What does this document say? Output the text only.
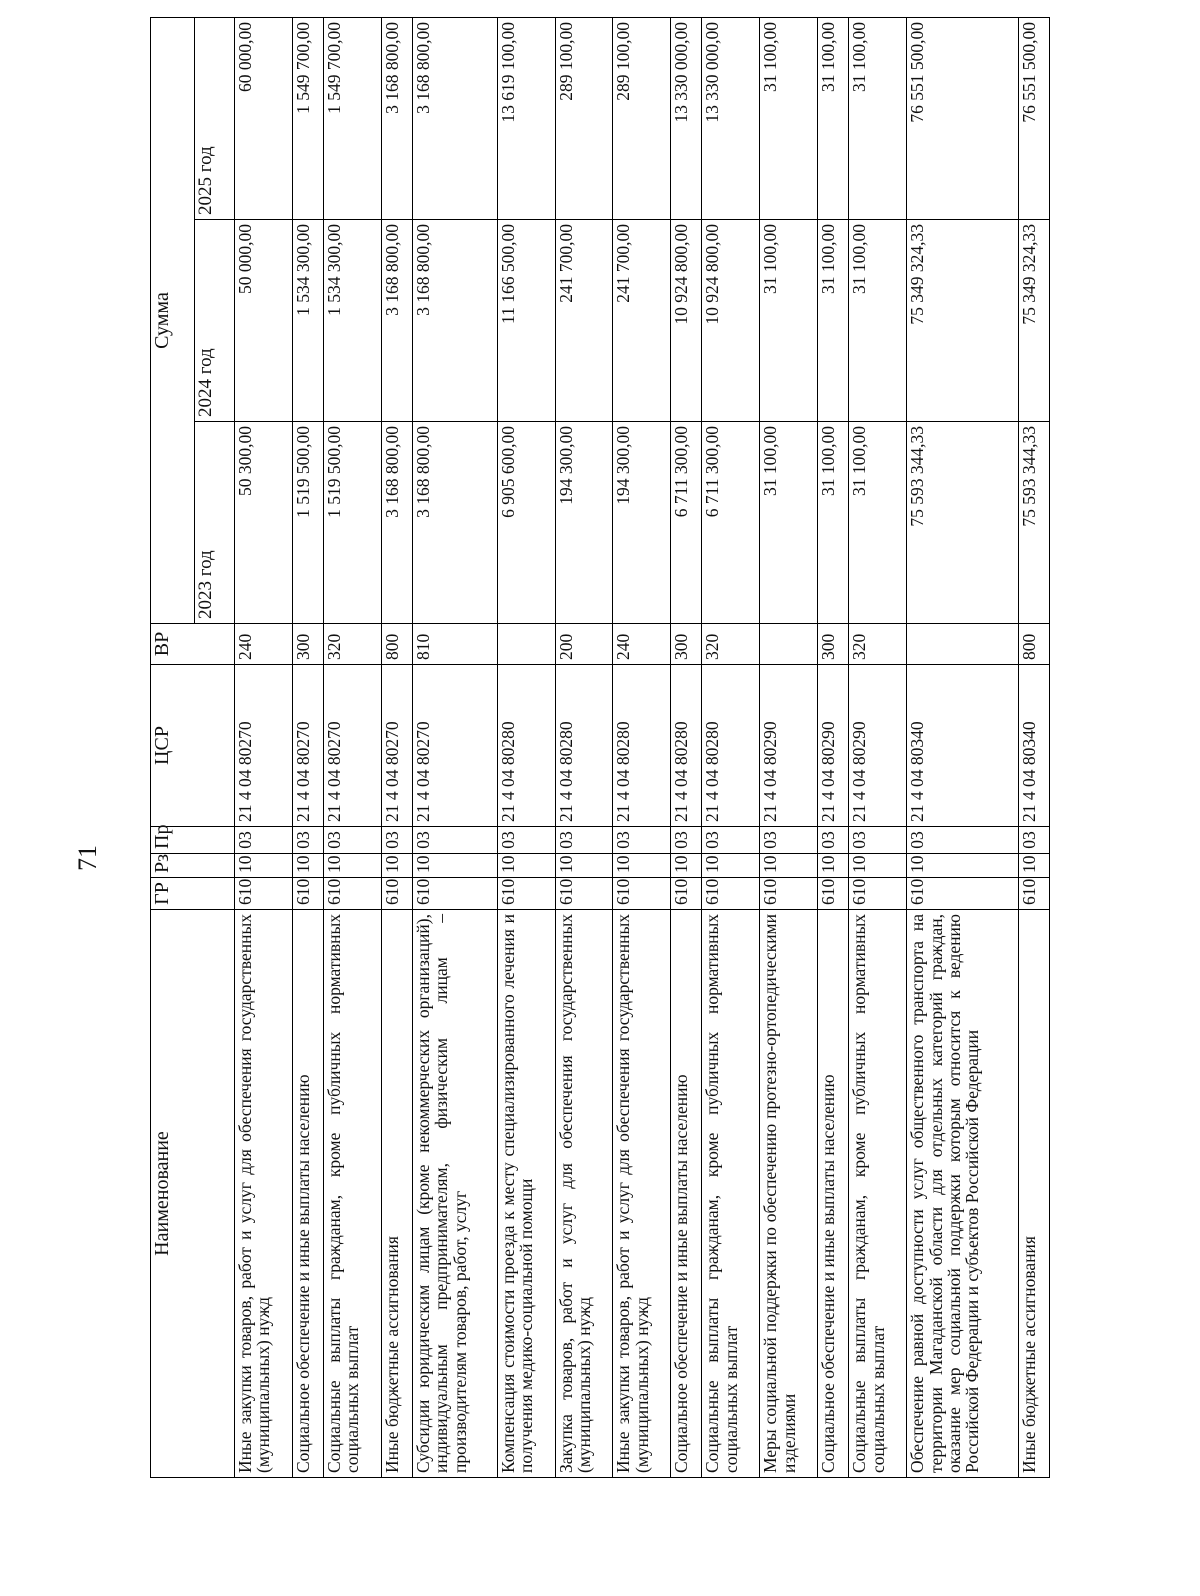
71
Наименование	ГР	Рз	Пр	ЦСР	ВР	Сумма		
						2023 год	2024 год	2025 год
Иные закупки товаров, работ и услуг для обеспечения государственных (муниципальных) нужд	610	10	03	21 4 04 80270	240	50 300,00	50 000,00	60 000,00
Социальное обеспечение и иные выплаты населению	610	10	03	21 4 04 80270	300	1 519 500,00	1 534 300,00	1 549 700,00
Социальные выплаты гражданам, кроме публичных нормативных социальных выплат	610	10	03	21 4 04 80270	320	1 519 500,00	1 534 300,00	1 549 700,00
Иные бюджетные ассигнования	610	10	03	21 4 04 80270	800	3 168 800,00	3 168 800,00	3 168 800,00
Субсидии юридическим лицам (кроме некоммерческих организаций), индивидуальным предпринимателям, физическим лицам – производителям товаров, работ, услуг	610	10	03	21 4 04 80270	810	3 168 800,00	3 168 800,00	3 168 800,00
Компенсация стоимости проезда к месту специализированного лечения и получения медико-социальной помощи	610	10	03	21 4 04 80280		6 905 600,00	11 166 500,00	13 619 100,00
Закупка товаров, работ и услуг для обеспечения государственных (муниципальных) нужд	610	10	03	21 4 04 80280	200	194 300,00	241 700,00	289 100,00
Иные закупки товаров, работ и услуг для обеспечения государственных (муниципальных) нужд	610	10	03	21 4 04 80280	240	194 300,00	241 700,00	289 100,00
Социальное обеспечение и иные выплаты населению	610	10	03	21 4 04 80280	300	6 711 300,00	10 924 800,00	13 330 000,00
Социальные выплаты гражданам, кроме публичных нормативных социальных выплат	610	10	03	21 4 04 80280	320	6 711 300,00	10 924 800,00	13 330 000,00
Меры социальной поддержки по обеспечению протезно-ортопедическими изделиями	610	10	03	21 4 04 80290		31 100,00	31 100,00	31 100,00
Социальное обеспечение и иные выплаты населению	610	10	03	21 4 04 80290	300	31 100,00	31 100,00	31 100,00
Социальные выплаты гражданам, кроме публичных нормативных социальных выплат	610	10	03	21 4 04 80290	320	31 100,00	31 100,00	31 100,00
Обеспечение равной доступности услуг общественного транспорта на территории Магаданской области для отдельных категорий граждан, оказание мер социальной поддержки которым относится к ведению Российской Федерации и субъектов Российской Федерации	610	10	03	21 4 04 80340		75 593 344,33	75 349 324,33	76 551 500,00
Иные бюджетные ассигнования	610	10	03	21 4 04 80340	800	75 593 344,33	75 349 324,33	76 551 500,00
